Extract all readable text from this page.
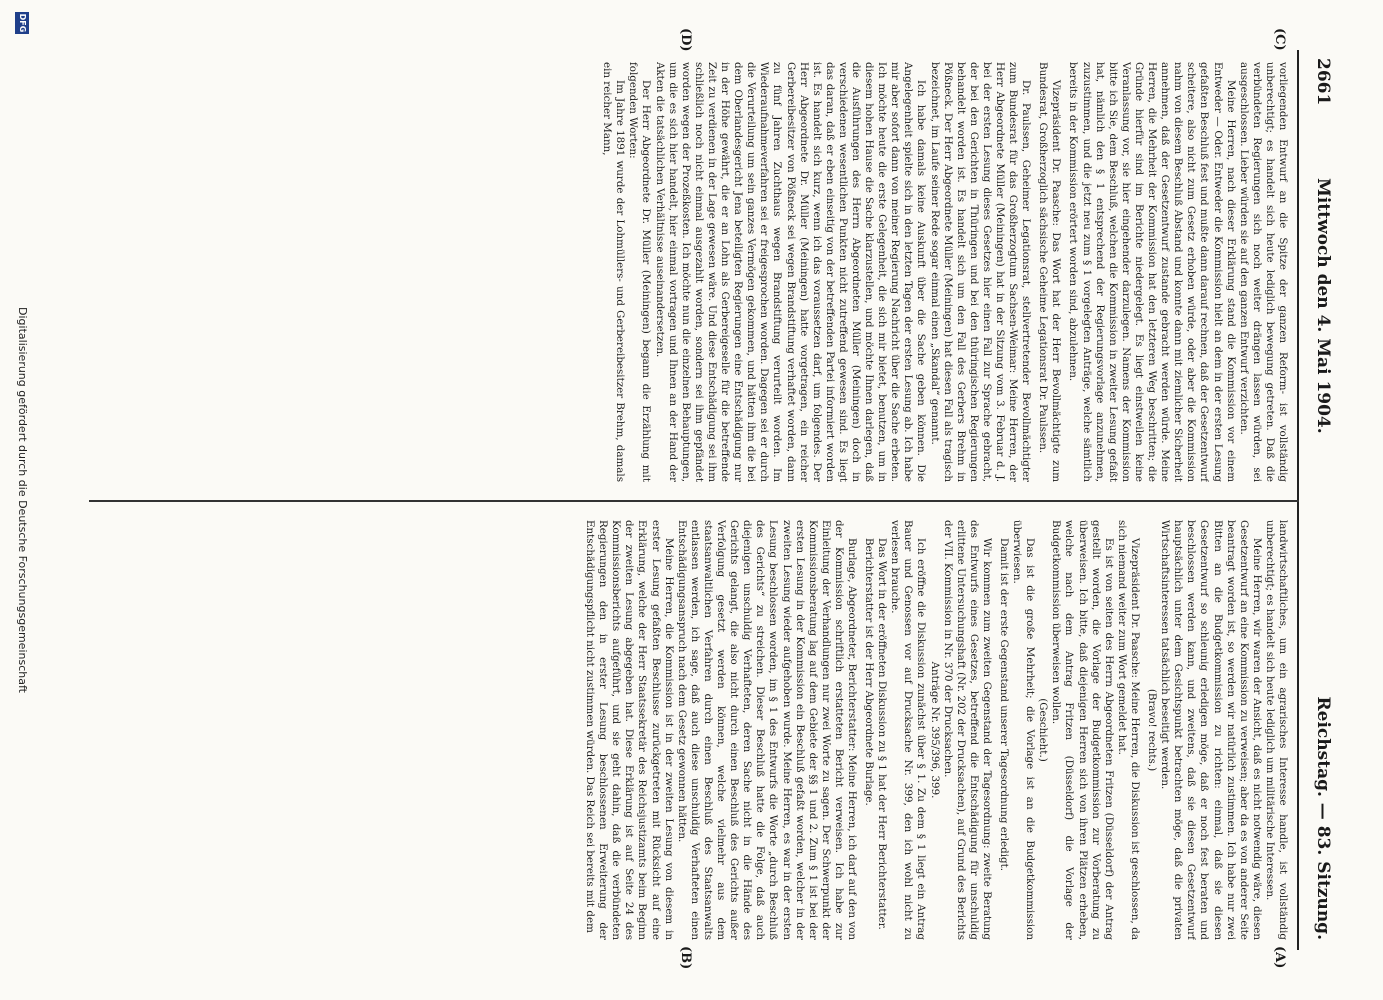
2661
Mittwoch den 4. Mai 1904.
Reichstag. — 83. Sitzung.
(C)
(D)
(A)
(B)

vorliegenden Entwurf an die Spitze der ganzen Reform- ist vollständig unberechtigt; es handelt sich heute lediglich bewegung getreten. Daß die verbündeten Regierungen sich noch weiter drängen lassen würden, sei ausgeschlossen. Lieber würden sie auf den ganzen Entwurf verzichten.

Meine Herren, nach dieser Erklärung stand die Kommission vor einem Entweder — Oder. Entweder die Kommission hielt an dem in der ersten Lesung gefaßten Beschluß fest und mußte dann darauf rechnen, daß der Gesetzentwurf scheitere, also nicht zum Gesetz erhoben würde, oder aber die Kommission nahm von diesem Beschluß Abstand und konnte dann mit ziemlicher Sicherheit annehmen, daß der Gesetzentwurf zustande gebracht werden würde. Meine Herren, die Mehrheit der Kommission hat den letzteren Weg beschritten; die Gründe hierfür sind im Berichte niedergelegt. Es liegt einstweilen keine Veranlassung vor, sie hier eingehender darzulegen. Namens der Kommission bitte ich Sie, dem Beschluß, welchen die Kommission in zweiter Lesung gefaßt hat, nämlich den § 1 entsprechend der Regierungsvorlage anzunehmen, zuzustimmen, und die jetzt neu zum § 1 vorgelegten Anträge, welche sämtlich bereits in der Kommission erörtert worden sind, abzulehnen.

Vizepräsident Dr. Paasche: Das Wort hat der Herr Bevollmächtigte zum Bundesrat, Großherzoglich sächsische Geheime Legationsrat Dr. Paulssen.

Dr. Paulssen, Geheimer Legationsrat, stellvertretender Bevollmächtigter zum Bundesrat für das Großherzogtum Sachsen-Weimar: Meine Herren, der Herr Abgeordnete Müller (Meiningen) hat in der Sitzung vom 3. Februar d. J. bei der ersten Lesung dieses Gesetzes hier einen Fall zur Sprache gebracht, der bei den Gerichten in Thüringen und bei den thüringischen Regierungen behandelt worden ist. Es handelt sich um den Fall des Gerbers Brehm in Pößneck. Der Herr Abgeordnete Müller (Meiningen) hat diesen Fall als tragisch bezeichnet, im Laufe seiner Rede sogar einmal einen „Skandal“ genannt.

Ich habe damals keine Auskunft über die Sache geben können. Die Angelegenheit spielte sich in den letzten Tagen der ersten Lesung ab. Ich habe mir aber sofort dann von meiner Regierung Nachricht über die Sache erbeten. Ich möchte heute die erste Gelegenheit, die sich mir bietet, benutzen, um in diesem hohen Hause die Sache klarzustellen, und möchte Ihnen darlegen, daß die Ausführungen des Herrn Abgeordneten Müller (Meiningen) doch in verschiedenen wesentlichen Punkten nicht zutreffend gewesen sind. Es liegt das daran, daß er eben einseitig von der betreffenden Partei informiert worden ist. Es handelt sich kurz, wenn ich das voraussetzen darf, um folgendes. Der Herr Abgeordnete Dr. Müller (Meiningen) hatte vorgetragen, ein reicher Gerbereibesitzer von Pößneck sei wegen Brandstiftung verhaftet worden, dann zu fünf Jahren Zuchthaus wegen Brandstiftung verurteilt worden. Im Wiederaufnahmeverfahren sei er freigesprochen worden. Dagegen sei er durch die Verurteilung um sein ganzes Vermögen gekommen, und hätten ihm die bei dem Oberlandesgericht Jena beteiligten Regierungen eine Entschädigung nur in der Höhe gewährt, die er an Lohn als Gerbereigeselle für die betreffende Zeit zu verdienen in der Lage gewesen wäre. Und diese Entschädigung sei ihm schließlich noch nicht einmal ausgezahlt worden, sondern sei ihm gepfändet worden wegen der Prozeßkosten. Ich möchte nun die einzelnen Behauptungen, um die es sich hier handelt, hier einmal vortragen und Ihnen an der Hand der Akten die tatsächlichen Verhältnisse auseinandersetzen.

Der Herr Abgeordnete Dr. Müller (Meiningen) begann die Erzählung mit folgenden Worten:

Im Jahre 1891 wurde der Lohmüllers- und Gerbereibesitzer Brehm, damals ein reicher Mann,

landwirtschaftliches, um ein agrarisches Interesse handle, ist vollständig unberechtigt; es handelt sich heute lediglich um militärische Interessen.

Meine Herren, wir waren der Ansicht, daß es nicht notwendig wäre, diesen Gesetzentwurf an eine Kommission zu verweisen; aber da es von anderer Seite beantragt worden ist, so werden wir natürlich zustimmen. Ich habe nur zwei Bitten an die Budgetkommission zu richten: einmal, daß sie diesen Gesetzentwurf so schleunig erledigen möge, daß er noch fest beraten und beschlossen werden kann, und zweitens, daß sie diesen Gesetzentwurf hauptsächlich unter dem Gesichtspunkt betrachten möge, daß die privaten Wirtschaftsinteressen tatsächlich beseitigt werden.

(Bravo! rechts.)

Vizepräsident Dr. Paasche: Meine Herren, die Diskussion ist geschlossen, da sich niemand weiter zum Wort gemeldet hat.

Es ist von seiten des Herrn Abgeordneten Fritzen (Düsseldorf) der Antrag gestellt worden, die Vorlage der Budgetkommission zur Vorberatung zu überweisen. Ich bitte, daß diejenigen Herren sich von ihren Plätzen erheben, welche nach dem Antrag Fritzen (Düsseldorf) die Vorlage der Budgetkommission überweisen wollen.

(Geschieht.)

Das ist die große Mehrheit; die Vorlage ist an die Budgetkommission überwiesen.

Damit ist der erste Gegenstand unserer Tagesordnung erledigt.

Wir kommen zum zweiten Gegenstand der Tagesordnung: zweite Beratung des Entwurfs eines Gesetzes, betreffend die Entschädigung für unschuldig erlittene Untersuchungshaft (Nr. 202 der Drucksachen), auf Grund des Berichts der VII. Kommission in Nr. 370 der Drucksachen.

Anträge Nr. 395/396, 399.

Ich eröffne die Diskussion zunächst über § 1. Zu dem § 1 liegt ein Antrag Bauer und Genossen vor auf Drucksache Nr. 399, den ich wohl nicht zu verlesen brauche.

Das Wort in der eröffneten Diskussion zu § 1 hat der Herr Berichterstatter.

Berichterstatter ist der Herr Abgeordnete Burlage.

Burlage, Abgeordneter, Berichterstatter: Meine Herren, ich darf auf den von der Kommission schriftlich erstatteten Bericht verweisen. Ich habe zur Einleitung der Verhandlungen nur zwei Worte zu sagen. Der Schwerpunkt der Kommissionsberatung lag auf dem Gebiete der §§ 1 und 2. Zum § 1 ist bei der ersten Lesung in der Kommission ein Beschluß gefaßt worden, welcher in der zweiten Lesung wieder aufgehoben wurde. Meine Herren, es war in der ersten Lesung beschlossen worden, im § 1 des Entwurfs die Worte „durch Beschluß des Gerichts“ zu streichen. Dieser Beschluß hatte die Folge, daß auch diejenigen unschuldig Verhafteten, deren Sache nicht in die Hände des Gerichts gelangt, die also nicht durch einen Beschluß des Gerichts außer Verfolgung gesetzt werden können, welche vielmehr aus dem staatsanwaltlichen Verfahren durch einen Beschluß des Staatsanwalts entlassen werden, ich sage, daß auch diese unschuldig Verhafteten einen Entschädigungsanspruch nach dem Gesetz gewonnen hätten.

Meine Herren, die Kommission ist in der zweiten Lesung von diesem in erster Lesung gefaßten Beschlusse zurückgetreten mit Rücksicht auf eine Erklärung, welche der Herr Staatssekretär des Reichsjustizamts beim Beginn der zweiten Lesung abgegeben hat. Diese Erklärung ist auf Seite 24 des Kommissionsberichts aufgeführt, und sie geht dahin, daß die verbündeten Regierungen den in erster Lesung beschlossenen Erweiterung der Entschädigungspflicht nicht zustimmen würden. Das Reich sei bereits mit dem

DFG
Digitalisierung gefördert durch die Deutsche Forschungsgemeinschaft
